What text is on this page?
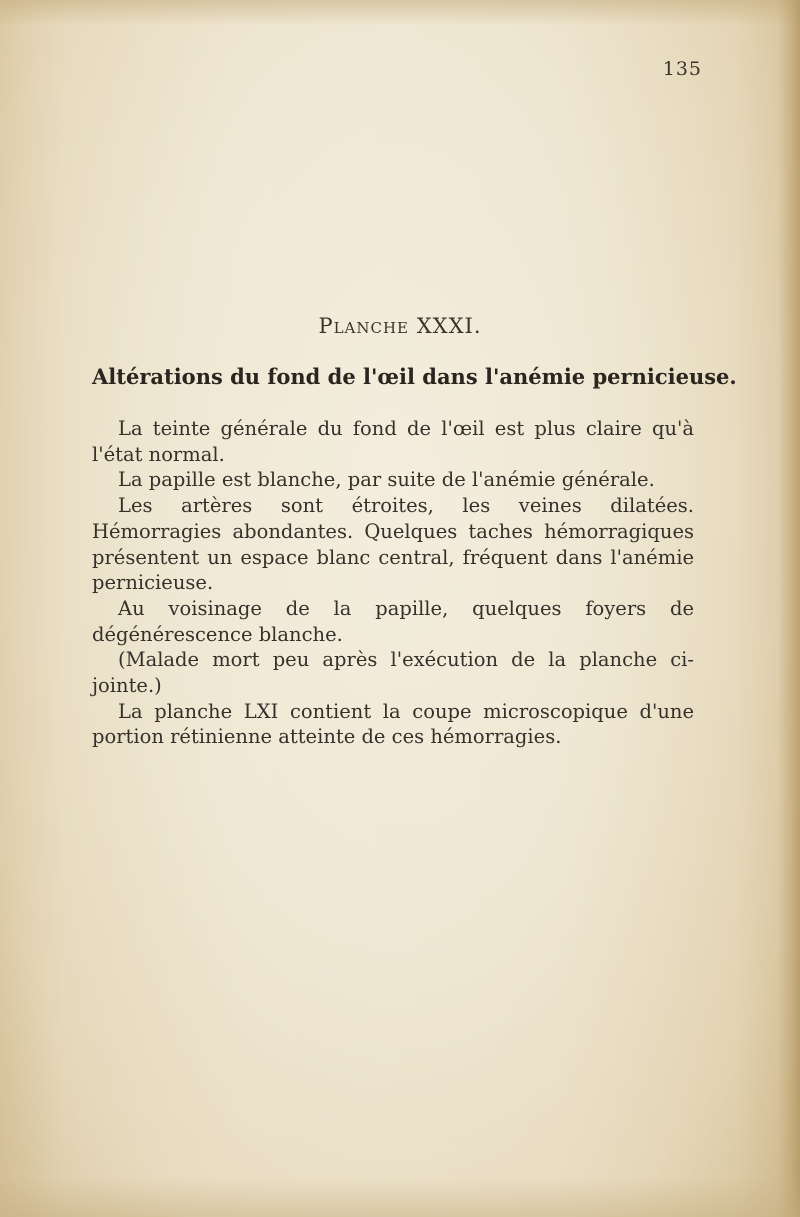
135
Planche XXXI.
Altérations du fond de l'œil dans l'anémie pernicieuse.

La teinte générale du fond de l'œil est plus claire qu'à l'état normal.

La papille est blanche, par suite de l'anémie générale.

Les artères sont étroites, les veines dilatées. Hémorragies abondantes. Quelques taches hémorragiques présentent un espace blanc central, fréquent dans l'anémie pernicieuse.

Au voisinage de la papille, quelques foyers de dégénérescence blanche.

(Malade mort peu après l'exécution de la planche ci-jointe.)

La planche LXI contient la coupe microscopique d'une portion rétinienne atteinte de ces hémorragies.
